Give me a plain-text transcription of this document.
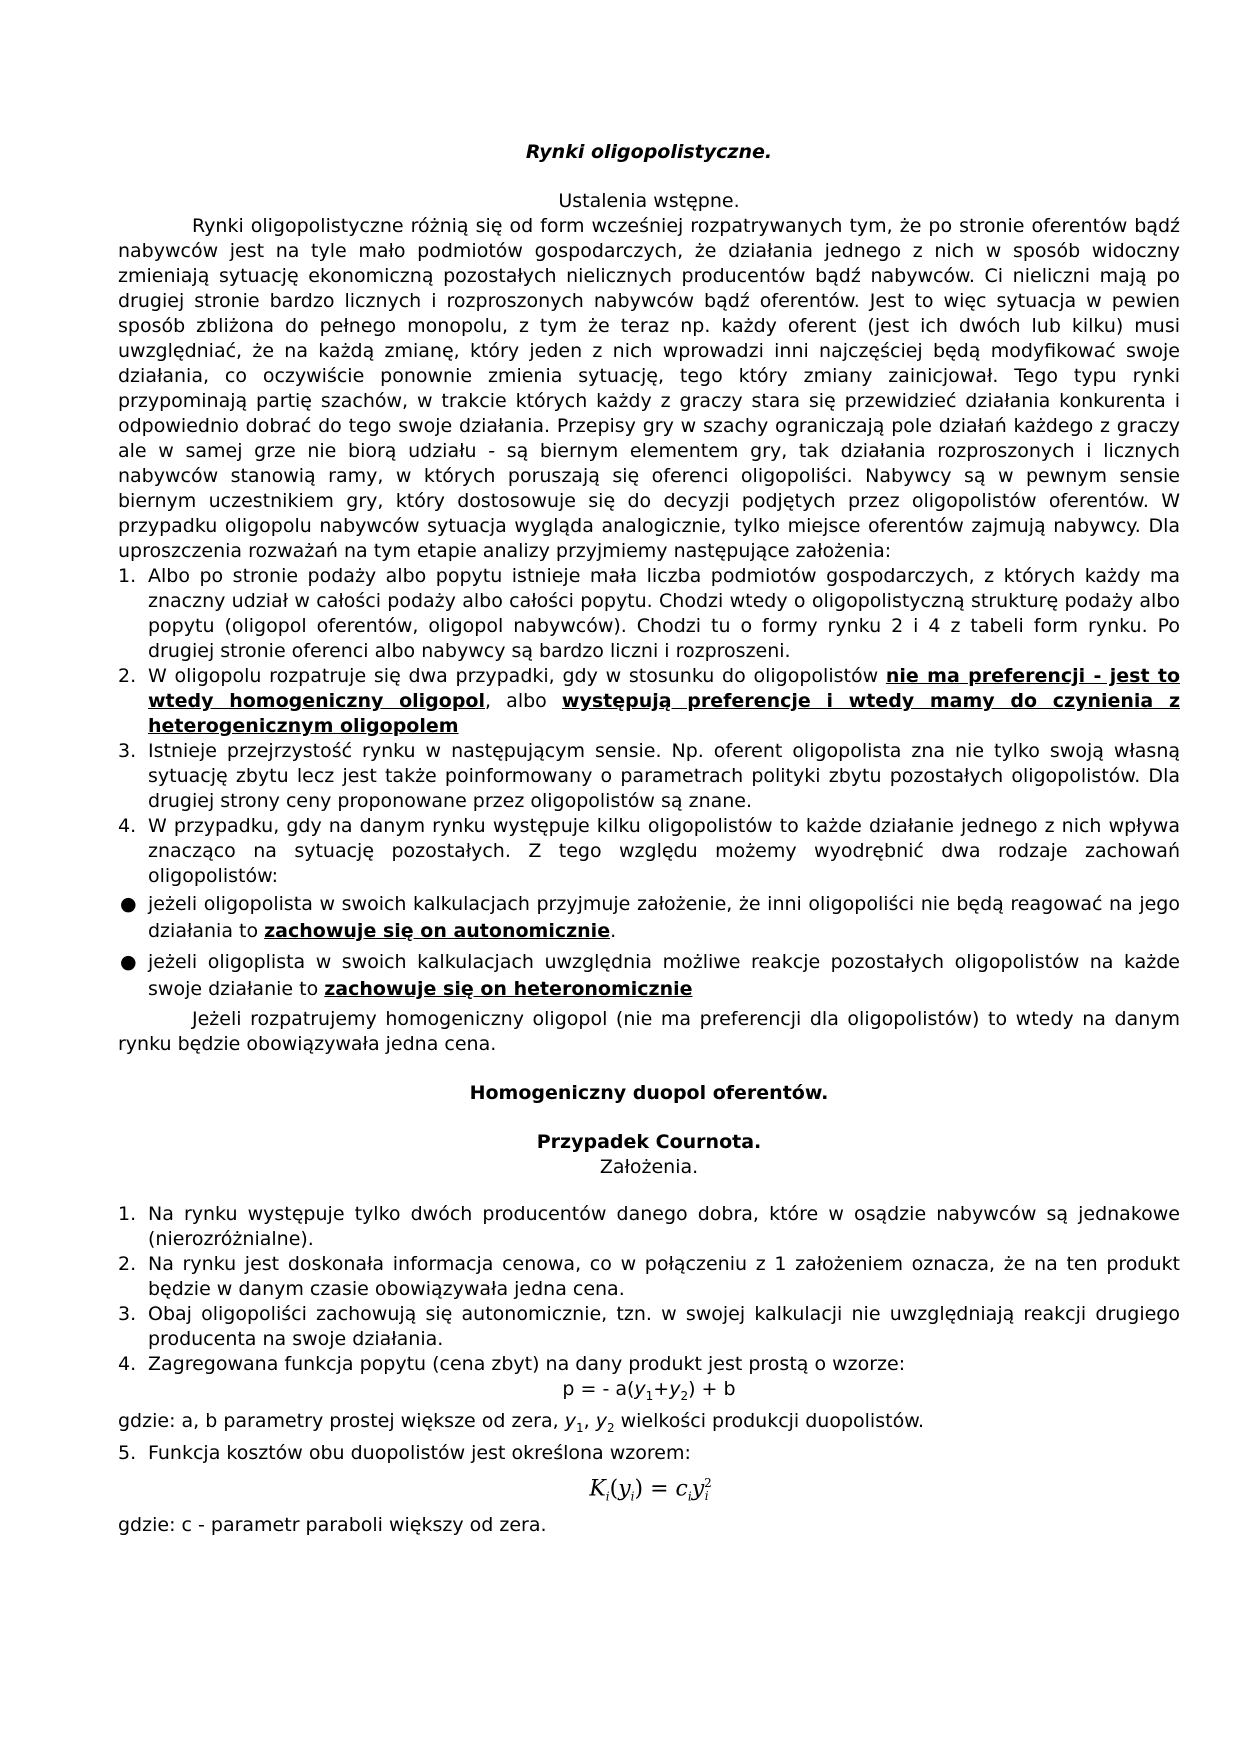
Rynki oligopolistyczne.
Ustalenia wstępne.

Rynki oligopolistyczne różnią się od form wcześniej rozpatrywanych tym, że po stronie oferentów bądź nabywców jest na tyle mało podmiotów gospodarczych, że działania jednego z nich w sposób widoczny zmieniają sytuację ekonomiczną pozostałych nielicznych producentów bądź nabywców. Ci nieliczni mają po drugiej stronie bardzo licznych i rozproszonych nabywców bądź oferentów. Jest to więc sytuacja w pewien sposób zbliżona do pełnego monopolu, z tym że teraz np. każdy oferent (jest ich dwóch lub kilku) musi uwzględniać, że na każdą zmianę, który jeden z nich wprowadzi inni najczęściej będą modyfikować swoje działania, co oczywiście ponownie zmienia sytuację, tego który zmiany zainicjował. Tego typu rynki przypominają partię szachów, w trakcie których każdy z graczy stara się przewidzieć działania konkurenta i odpowiednio dobrać do tego swoje działania. Przepisy gry w szachy ograniczają pole działań każdego z graczy ale w samej grze nie biorą udziału - są biernym elementem gry, tak działania rozproszonych i licznych nabywców stanowią ramy, w których poruszają się oferenci oligopoliści. Nabywcy są w pewnym sensie biernym uczestnikiem gry, który dostosowuje się do decyzji podjętych przez oligopolistów oferentów. W przypadku oligopolu nabywców sytuacja wygląda analogicznie, tylko miejsce oferentów zajmują nabywcy. Dla uproszczenia rozważań na tym etapie analizy przyjmiemy następujące założenia:

1. Albo po stronie podaży albo popytu istnieje mała liczba podmiotów gospodarczych, z których każdy ma znaczny udział w całości podaży albo całości popytu. Chodzi wtedy o oligopolistyczną strukturę podaży albo popytu (oligopol oferentów, oligopol nabywców). Chodzi tu o formy rynku 2 i 4 z tabeli form rynku. Po drugiej stronie oferenci albo nabywcy są bardzo liczni i rozproszeni.
2. W oligopolu rozpatruje się dwa przypadki, gdy w stosunku do oligopolistów nie ma preferencji - jest to wtedy homogeniczny oligopol, albo występują preferencje i wtedy mamy do czynienia z heterogenicznym oligopolem
3. Istnieje przejrzystość rynku w następującym sensie. Np. oferent oligopolista zna nie tylko swoją własną sytuację zbytu lecz jest także poinformowany o parametrach polityki zbytu pozostałych oligopolistów. Dla drugiej strony ceny proponowane przez oligopolistów są znane.
4. W przypadku, gdy na danym rynku występuje kilku oligopolistów to każde działanie jednego z nich wpływa znacząco na sytuację pozostałych. Z tego względu możemy wyodrębnić dwa rodzaje zachowań oligopolistów:
● jeżeli oligopolista w swoich kalkulacjach przyjmuje założenie, że inni oligopoliści nie będą reagować na jego działania to zachowuje się on autonomicznie.
● jeżeli oligoplista w swoich kalkulacjach uwzględnia możliwe reakcje pozostałych oligopolistów na każde swoje działanie to zachowuje się on heteronomicznie

Jeżeli rozpatrujemy homogeniczny oligopol (nie ma preferencji dla oligopolistów) to wtedy na danym rynku będzie obowiązywała jedna cena.

Homogeniczny duopol oferentów.
Przypadek Cournota.
Założenia.
1. Na rynku występuje tylko dwóch producentów danego dobra, które w osądzie nabywców są jednakowe (nierozróżnialne).
2. Na rynku jest doskonała informacja cenowa, co w połączeniu z 1 założeniem oznacza, że na ten produkt będzie w danym czasie obowiązywała jedna cena.
3. Obaj oligopoliści zachowują się autonomicznie, tzn. w swojej kalkulacji nie uwzględniają reakcji drugiego producenta na swoje działania.
4. Zagregowana funkcja popytu (cena zbyt) na dany produkt jest prostą o wzorze:
p = - $a(y_1+y_2) + b$
gdzie: a, b parametry prostej większe od zera, $y_1$, $y_2$ wielkości produkcji duopolistów.
5. Funkcja kosztów obu duopolistów jest określona wzorem:
$K_i(y_i) = c_iy^2_i$
gdzie: c - parametr paraboli większy od zera.
